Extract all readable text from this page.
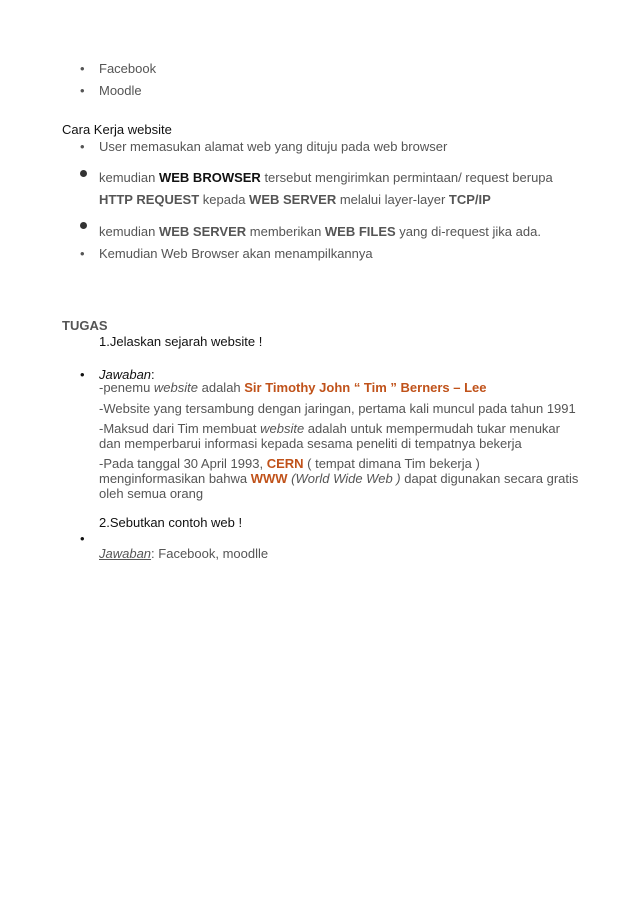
• Facebook
• Moodle
Cara Kerja website
• User memasukan alamat web yang dituju pada web browser
kemudian WEB BROWSER tersebut mengirimkan permintaan/ request berupa
HTTP REQUEST kepada WEB SERVER melalui layer-layer TCP/IP
kemudian WEB SERVER memberikan WEB FILES yang di-request jika ada.
• Kemudian Web Browser akan menampilkannya
TUGAS
1.Jelaskan sejarah website !
• Jawaban:
-penemu website adalah Sir Timothy John “ Tim ” Berners – Lee
-Website yang tersambung dengan jaringan, pertama kali muncul pada tahun 1991
-Maksud dari Tim membuat website adalah untuk mempermudah tukar menukar
dan memperbarui informasi kepada sesama peneliti di tempatnya bekerja
-Pada tanggal 30 April 1993, CERN ( tempat dimana Tim bekerja )
menginformasikan bahwa WWW (World Wide Web ) dapat digunakan secara gratis
oleh semua orang
2.Sebutkan contoh web !
•
Jawaban: Facebook, moodlle
